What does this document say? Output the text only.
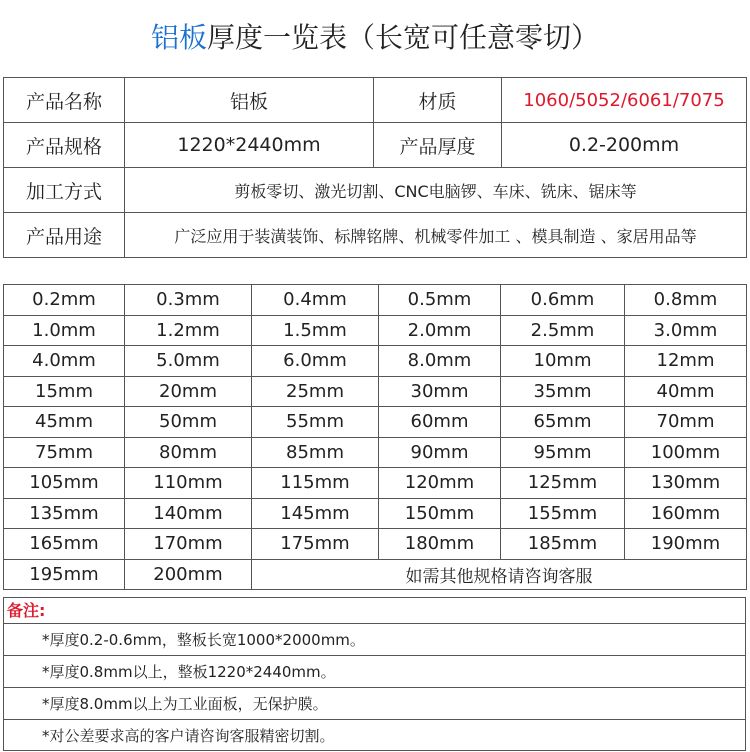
铝板厚度一览表（长宽可任意零切）
产品名称	铝板	材质	1060/5052/6061/7075
产品规格	1220*2440mm	产品厚度	0.2-200mm
加工方式	剪板零切、激光切割、CNC电脑锣、车床、铣床、锯床等		
产品用途	广泛应用于装潢装饰、标牌铭牌、机械零件加工 、模具制造 、家居用品等		
0.2mm	0.3mm	0.4mm	0.5mm	0.6mm	0.8mm
1.0mm	1.2mm	1.5mm	2.0mm	2.5mm	3.0mm
4.0mm	5.0mm	6.0mm	8.0mm	10mm	12mm
15mm	20mm	25mm	30mm	35mm	40mm
45mm	50mm	55mm	60mm	65mm	70mm
75mm	80mm	85mm	90mm	95mm	100mm
105mm	110mm	115mm	120mm	125mm	130mm
135mm	140mm	145mm	150mm	155mm	160mm
165mm	170mm	175mm	180mm	185mm	190mm
195mm	200mm	如需其他规格请咨询客服			
备注:
*厚度0.2-0.6mm，整板长宽1000*2000mm。
*厚度0.8mm以上，整板1220*2440mm。
*厚度8.0mm以上为工业面板，无保护膜。
*对公差要求高的客户请咨询客服精密切割。
